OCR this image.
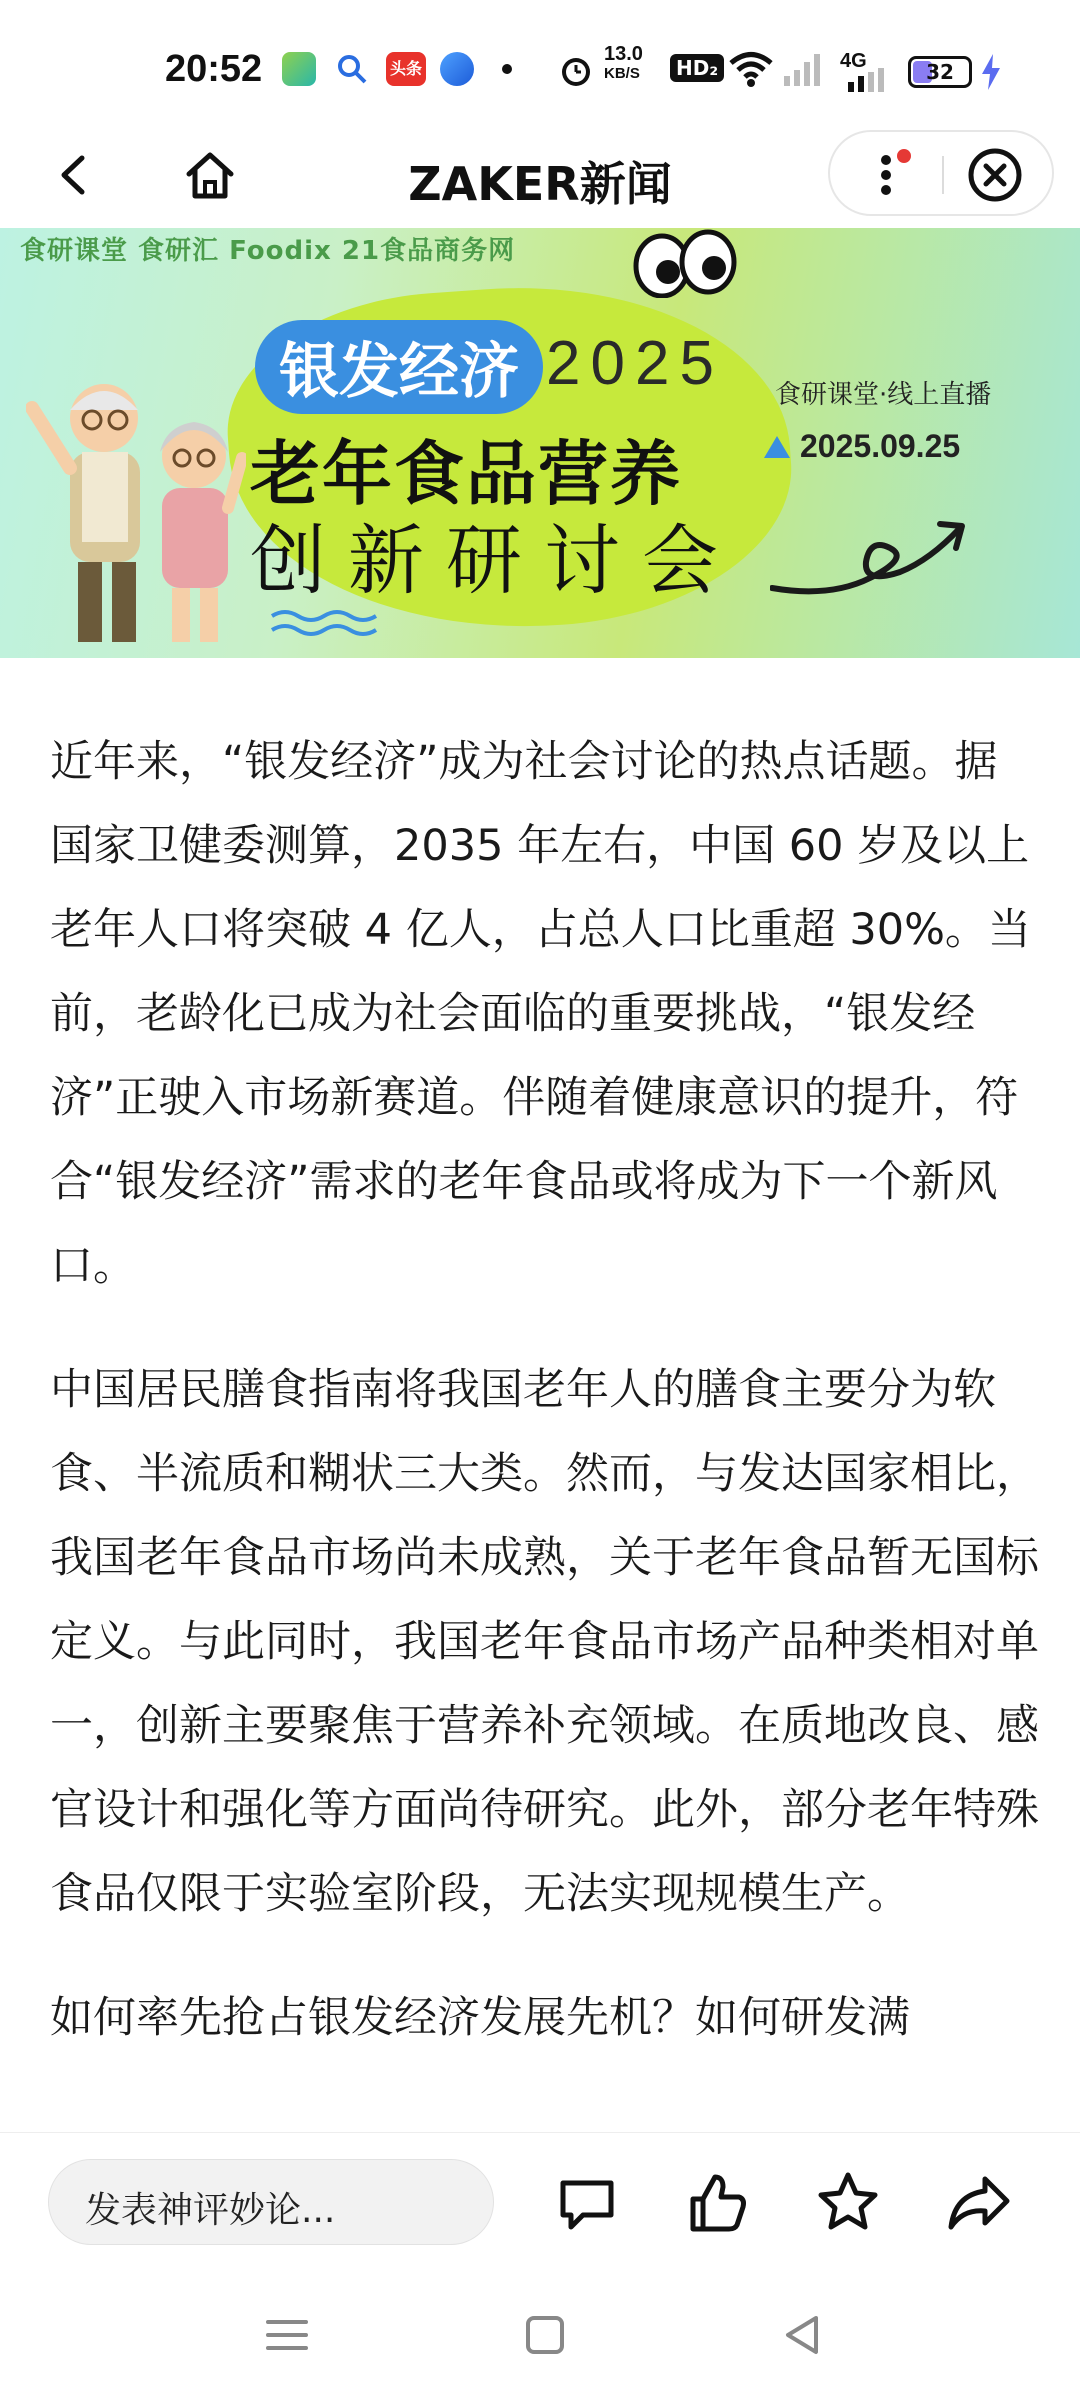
20:52	头条
13.0
KB/S	HD₂	4G	32
ZAKER新闻
食研课堂 食研汇 Foodix 21食品商务网
银发经济 2025
老年食品营养
创新研讨会
食研课堂·线上直播
2025.09.25

近年来，“银发经济”成为社会讨论的热点话题。据国家卫健委测算，2035 年左右，中国 60 岁及以上老年人口将突破 4 亿人，占总人口比重超 30%。当前，老龄化已成为社会面临的重要挑战，“银发经济”正驶入市场新赛道。伴随着健康意识的提升，符合“银发经济”需求的老年食品或将成为下一个新风口。

中国居民膳食指南将我国老年人的膳食主要分为软食、半流质和糊状三大类。然而，与发达国家相比，我国老年食品市场尚未成熟，关于老年食品暂无国标定义。与此同时，我国老年食品市场产品种类相对单一，创新主要聚焦于营养补充领域。在质地改良、感官设计和强化等方面尚待研究。此外，部分老年特殊食品仅限于实验室阶段，无法实现规模生产。

如何率先抢占银发经济发展先机？如何研发满

发表神评妙论...
